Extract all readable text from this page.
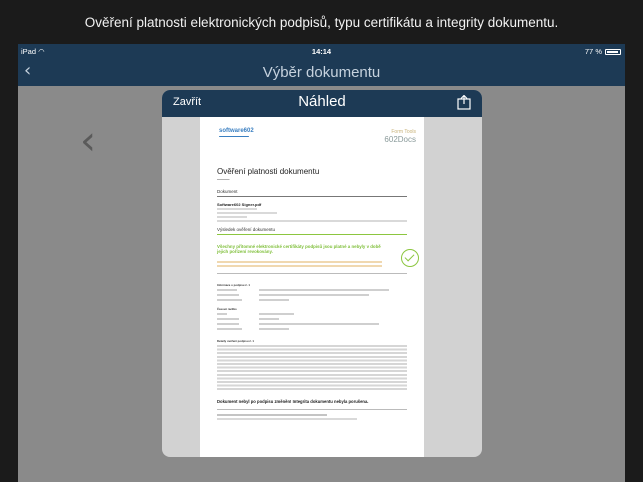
Ověření platnosti elektronických podpisů, typu certifikátu a integrity dokumentu.
iPad ◠	14:14	77 %
‹	Výběr dokumentu
‹
Zavřít	Náhled
software602	Form Tools
602Docs
Ověření platnosti dokumentu
▬▬▬▬▬
Dokument
Software602 Signer.pdf
Výsledek ověření dokumentu
Všechny přítomné elektronické certifikáty podpisů jsou platné a nebyly v době jejich pořízení revokovány.
Informace o podpisu č. 1
Časové razítko
Detaily ověření podpisu č. 1
Dokument nebyl po podpisu změněn! Integrita dokumentu nebyla porušena.
